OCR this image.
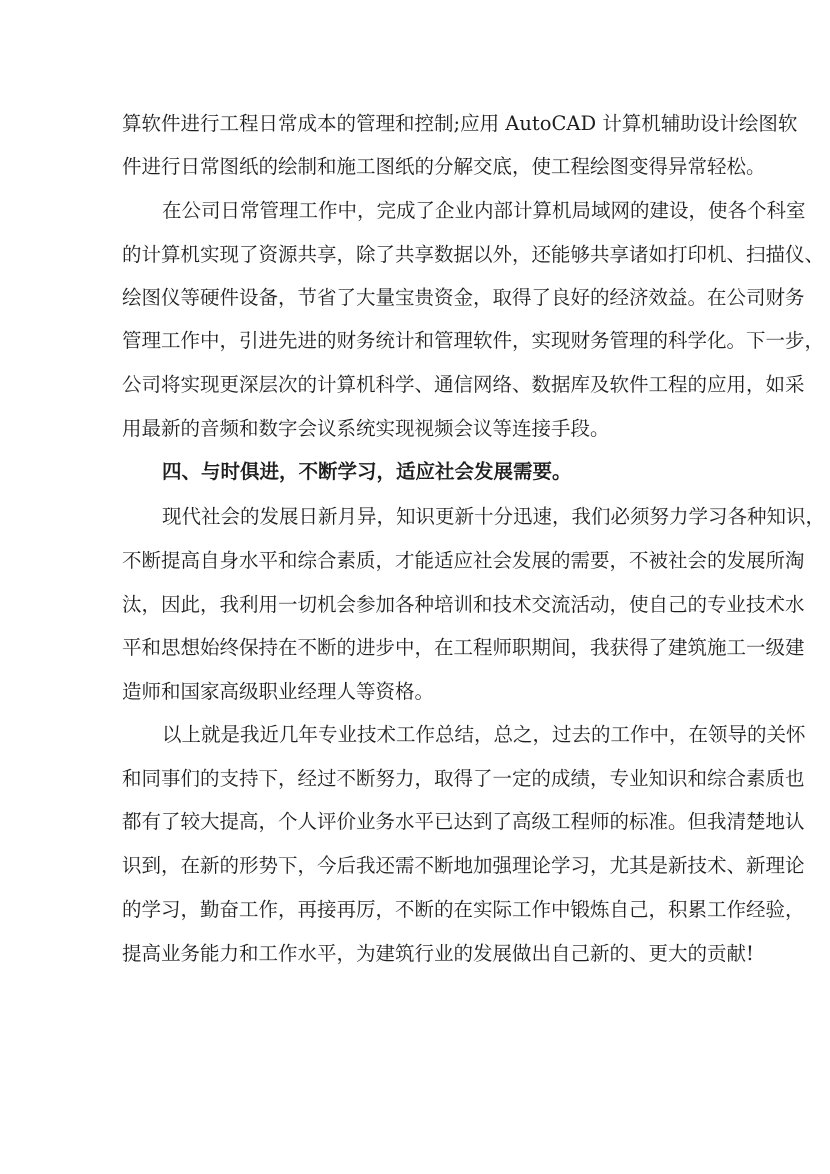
算软件进行工程日常成本的管理和控制;应用 AutoCAD 计算机辅助设计绘图软
件进行日常图纸的绘制和施工图纸的分解交底，使工程绘图变得异常轻松。
在公司日常管理工作中，完成了企业内部计算机局域网的建设，使各个科室
的计算机实现了资源共享，除了共享数据以外，还能够共享诸如打印机、扫描仪、
绘图仪等硬件设备，节省了大量宝贵资金，取得了良好的经济效益。在公司财务
管理工作中，引进先进的财务统计和管理软件，实现财务管理的科学化。下一步，
公司将实现更深层次的计算机科学、通信网络、数据库及软件工程的应用，如采
用最新的音频和数字会议系统实现视频会议等连接手段。
四、与时俱进，不断学习，适应社会发展需要。
现代社会的发展日新月异，知识更新十分迅速，我们必须努力学习各种知识，
不断提高自身水平和综合素质，才能适应社会发展的需要，不被社会的发展所淘
汰，因此，我利用一切机会参加各种培训和技术交流活动，使自己的专业技术水
平和思想始终保持在不断的进步中，在工程师职期间，我获得了建筑施工一级建
造师和国家高级职业经理人等资格。
以上就是我近几年专业技术工作总结，总之，过去的工作中，在领导的关怀
和同事们的支持下，经过不断努力，取得了一定的成绩，专业知识和综合素质也
都有了较大提高，个人评价业务水平已达到了高级工程师的标准。但我清楚地认
识到，在新的形势下，今后我还需不断地加强理论学习，尤其是新技术、新理论
的学习，勤奋工作，再接再厉，不断的在实际工作中锻炼自己，积累工作经验，
提高业务能力和工作水平，为建筑行业的发展做出自己新的、更大的贡献!
